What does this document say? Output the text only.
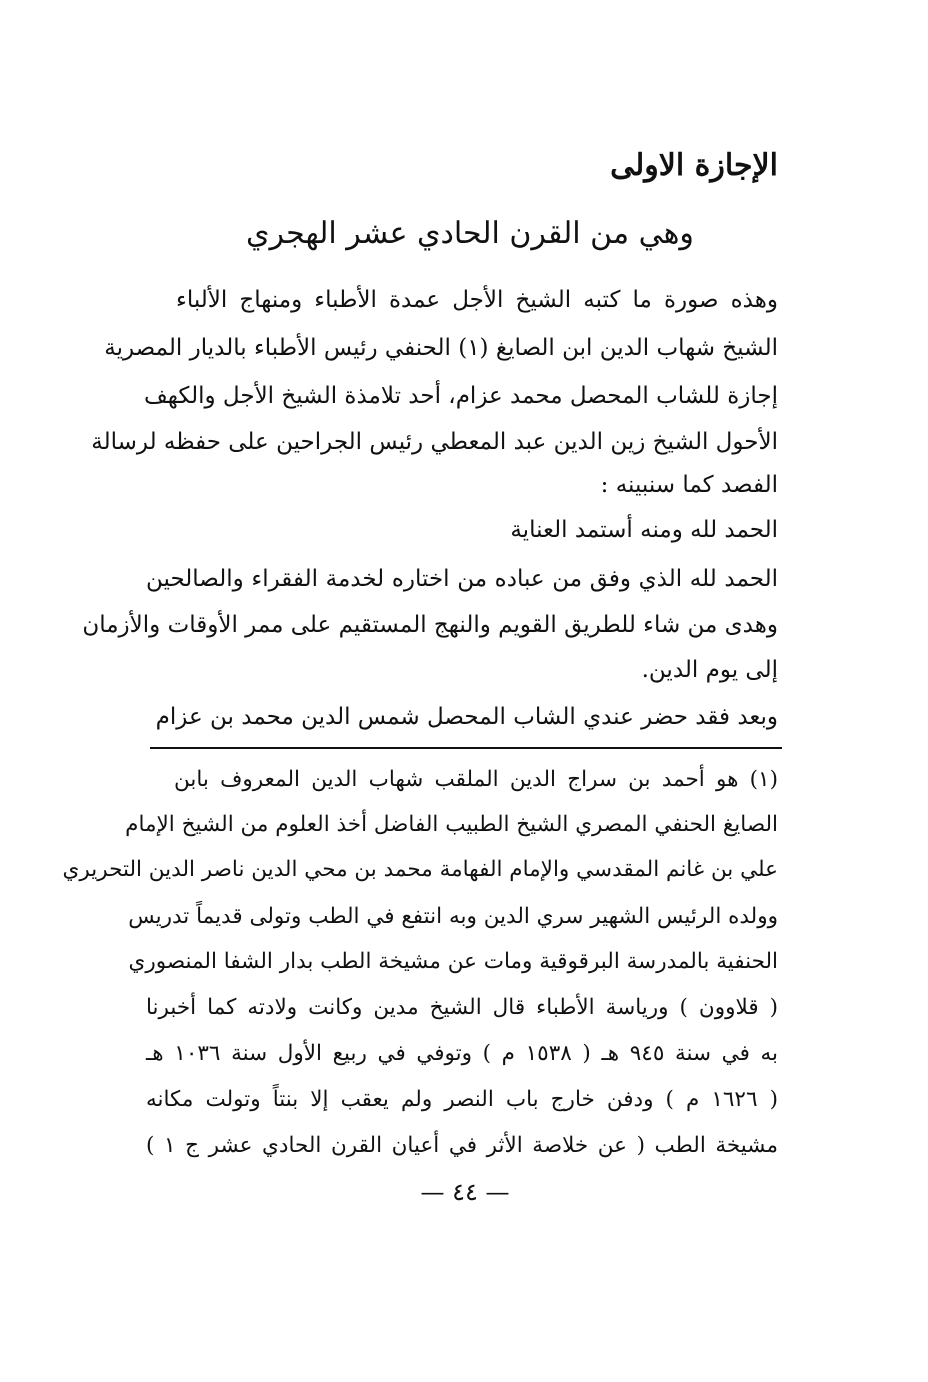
الإجازة الاولى
وهي من القرن الحادي عشر الهجري
وهذه صورة ما كتبه الشيخ الأجل عمدة الأطباء ومنهاج الألباء
الشيخ شهاب الدين ابن الصايغ (١) الحنفي رئيس الأطباء بالديار المصرية
إجازة للشاب المحصل محمد عزام، أحد تلامذة الشيخ الأجل والكهف
الأحول الشيخ زين الدين عبد المعطي رئيس الجراحين على حفظه لرسالة
الفصد كما سنبينه :
الحمد لله ومنه أستمد العناية
الحمد لله الذي وفق من عباده من اختاره لخدمة الفقراء والصالحين
وهدى من شاء للطريق القويم والنهج المستقيم على ممر الأوقات والأزمان
إلى يوم الدين.
وبعد فقد حضر عندي الشاب المحصل شمس الدين محمد بن عزام
(١) هو أحمد بن سراج الدين الملقب شهاب الدين المعروف بابن
الصايغ الحنفي المصري الشيخ الطبيب الفاضل أخذ العلوم من الشيخ الإمام
علي بن غانم المقدسي والإمام الفهامة محمد بن محي الدين ناصر الدين التحريري
وولده الرئيس الشهير سري الدين وبه انتفع في الطب وتولى قديماً تدريس
الحنفية بالمدرسة البرقوقية ومات عن مشيخة الطب بدار الشفا المنصوري
( قلاوون ) ورياسة الأطباء قال الشيخ مدين وكانت ولادته كما أخبرنا
به في سنة ٩٤٥ هـ ( ١٥٣٨ م ) وتوفي في ربيع الأول سنة ١٠٣٦ هـ
( ١٦٢٦ م ) ودفن خارج باب النصر ولم يعقب إلا بنتاً وتولت مكانه
مشيخة الطب ( عن خلاصة الأثر في أعيان القرن الحادي عشر ج ١ )
— ٤٤ —
